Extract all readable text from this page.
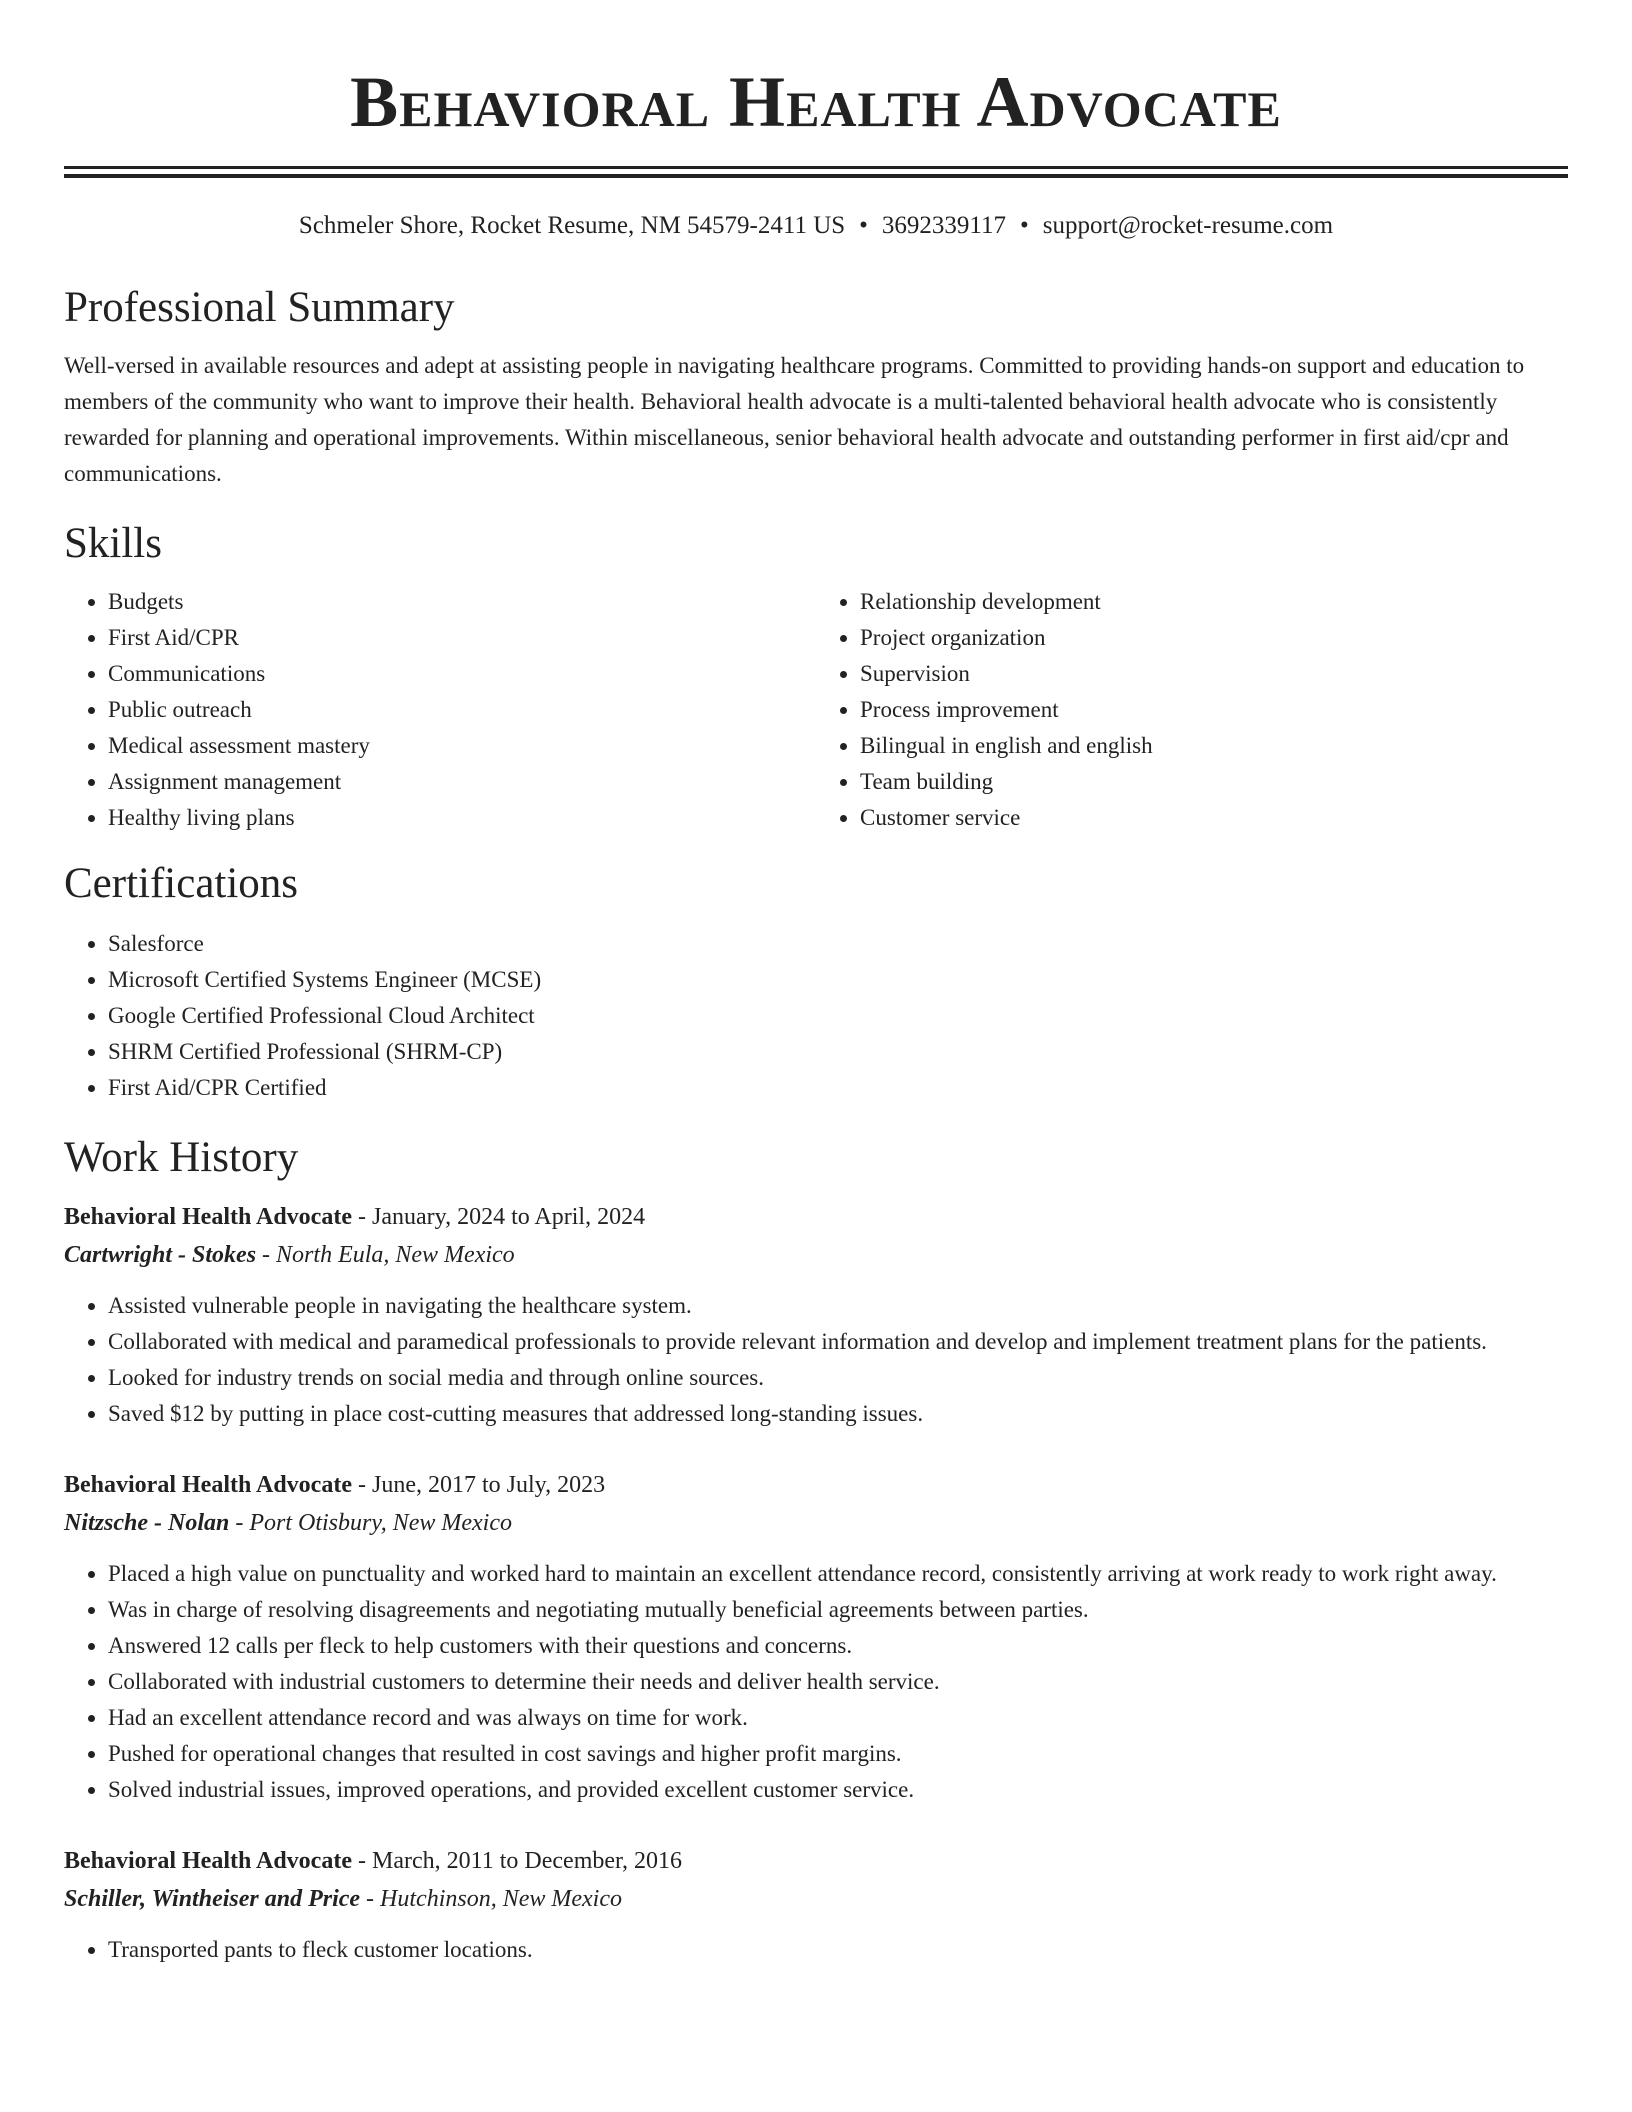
Behavioral Health Advocate
Schmeler Shore, Rocket Resume, NM 54579-2411 US • 3692339117 • support@rocket-resume.com
Professional Summary

Well-versed in available resources and adept at assisting people in navigating healthcare programs. Committed to providing hands-on support and education to members of the community who want to improve their health. Behavioral health advocate is a multi-talented behavioral health advocate who is consistently rewarded for planning and operational improvements. Within miscellaneous, senior behavioral health advocate and outstanding performer in first aid/cpr and communications.

Skills
• Budgets
• First Aid/CPR
• Communications
• Public outreach
• Medical assessment mastery
• Assignment management
• Healthy living plans
• Relationship development
• Project organization
• Supervision
• Process improvement
• Bilingual in english and english
• Team building
• Customer service
Certifications
• Salesforce
• Microsoft Certified Systems Engineer (MCSE)
• Google Certified Professional Cloud Architect
• SHRM Certified Professional (SHRM-CP)
• First Aid/CPR Certified
Work History
Behavioral Health Advocate - January, 2024 to April, 2024
Cartwright - Stokes - North Eula, New Mexico
• Assisted vulnerable people in navigating the healthcare system.
• Collaborated with medical and paramedical professionals to provide relevant information and develop and implement treatment plans for the patients.
• Looked for industry trends on social media and through online sources.
• Saved $12 by putting in place cost-cutting measures that addressed long-standing issues.
Behavioral Health Advocate - June, 2017 to July, 2023
Nitzsche - Nolan - Port Otisbury, New Mexico
• Placed a high value on punctuality and worked hard to maintain an excellent attendance record, consistently arriving at work ready to work right away.
• Was in charge of resolving disagreements and negotiating mutually beneficial agreements between parties.
• Answered 12 calls per fleck to help customers with their questions and concerns.
• Collaborated with industrial customers to determine their needs and deliver health service.
• Had an excellent attendance record and was always on time for work.
• Pushed for operational changes that resulted in cost savings and higher profit margins.
• Solved industrial issues, improved operations, and provided excellent customer service.
Behavioral Health Advocate - March, 2011 to December, 2016
Schiller, Wintheiser and Price - Hutchinson, New Mexico
• Transported pants to fleck customer locations.
